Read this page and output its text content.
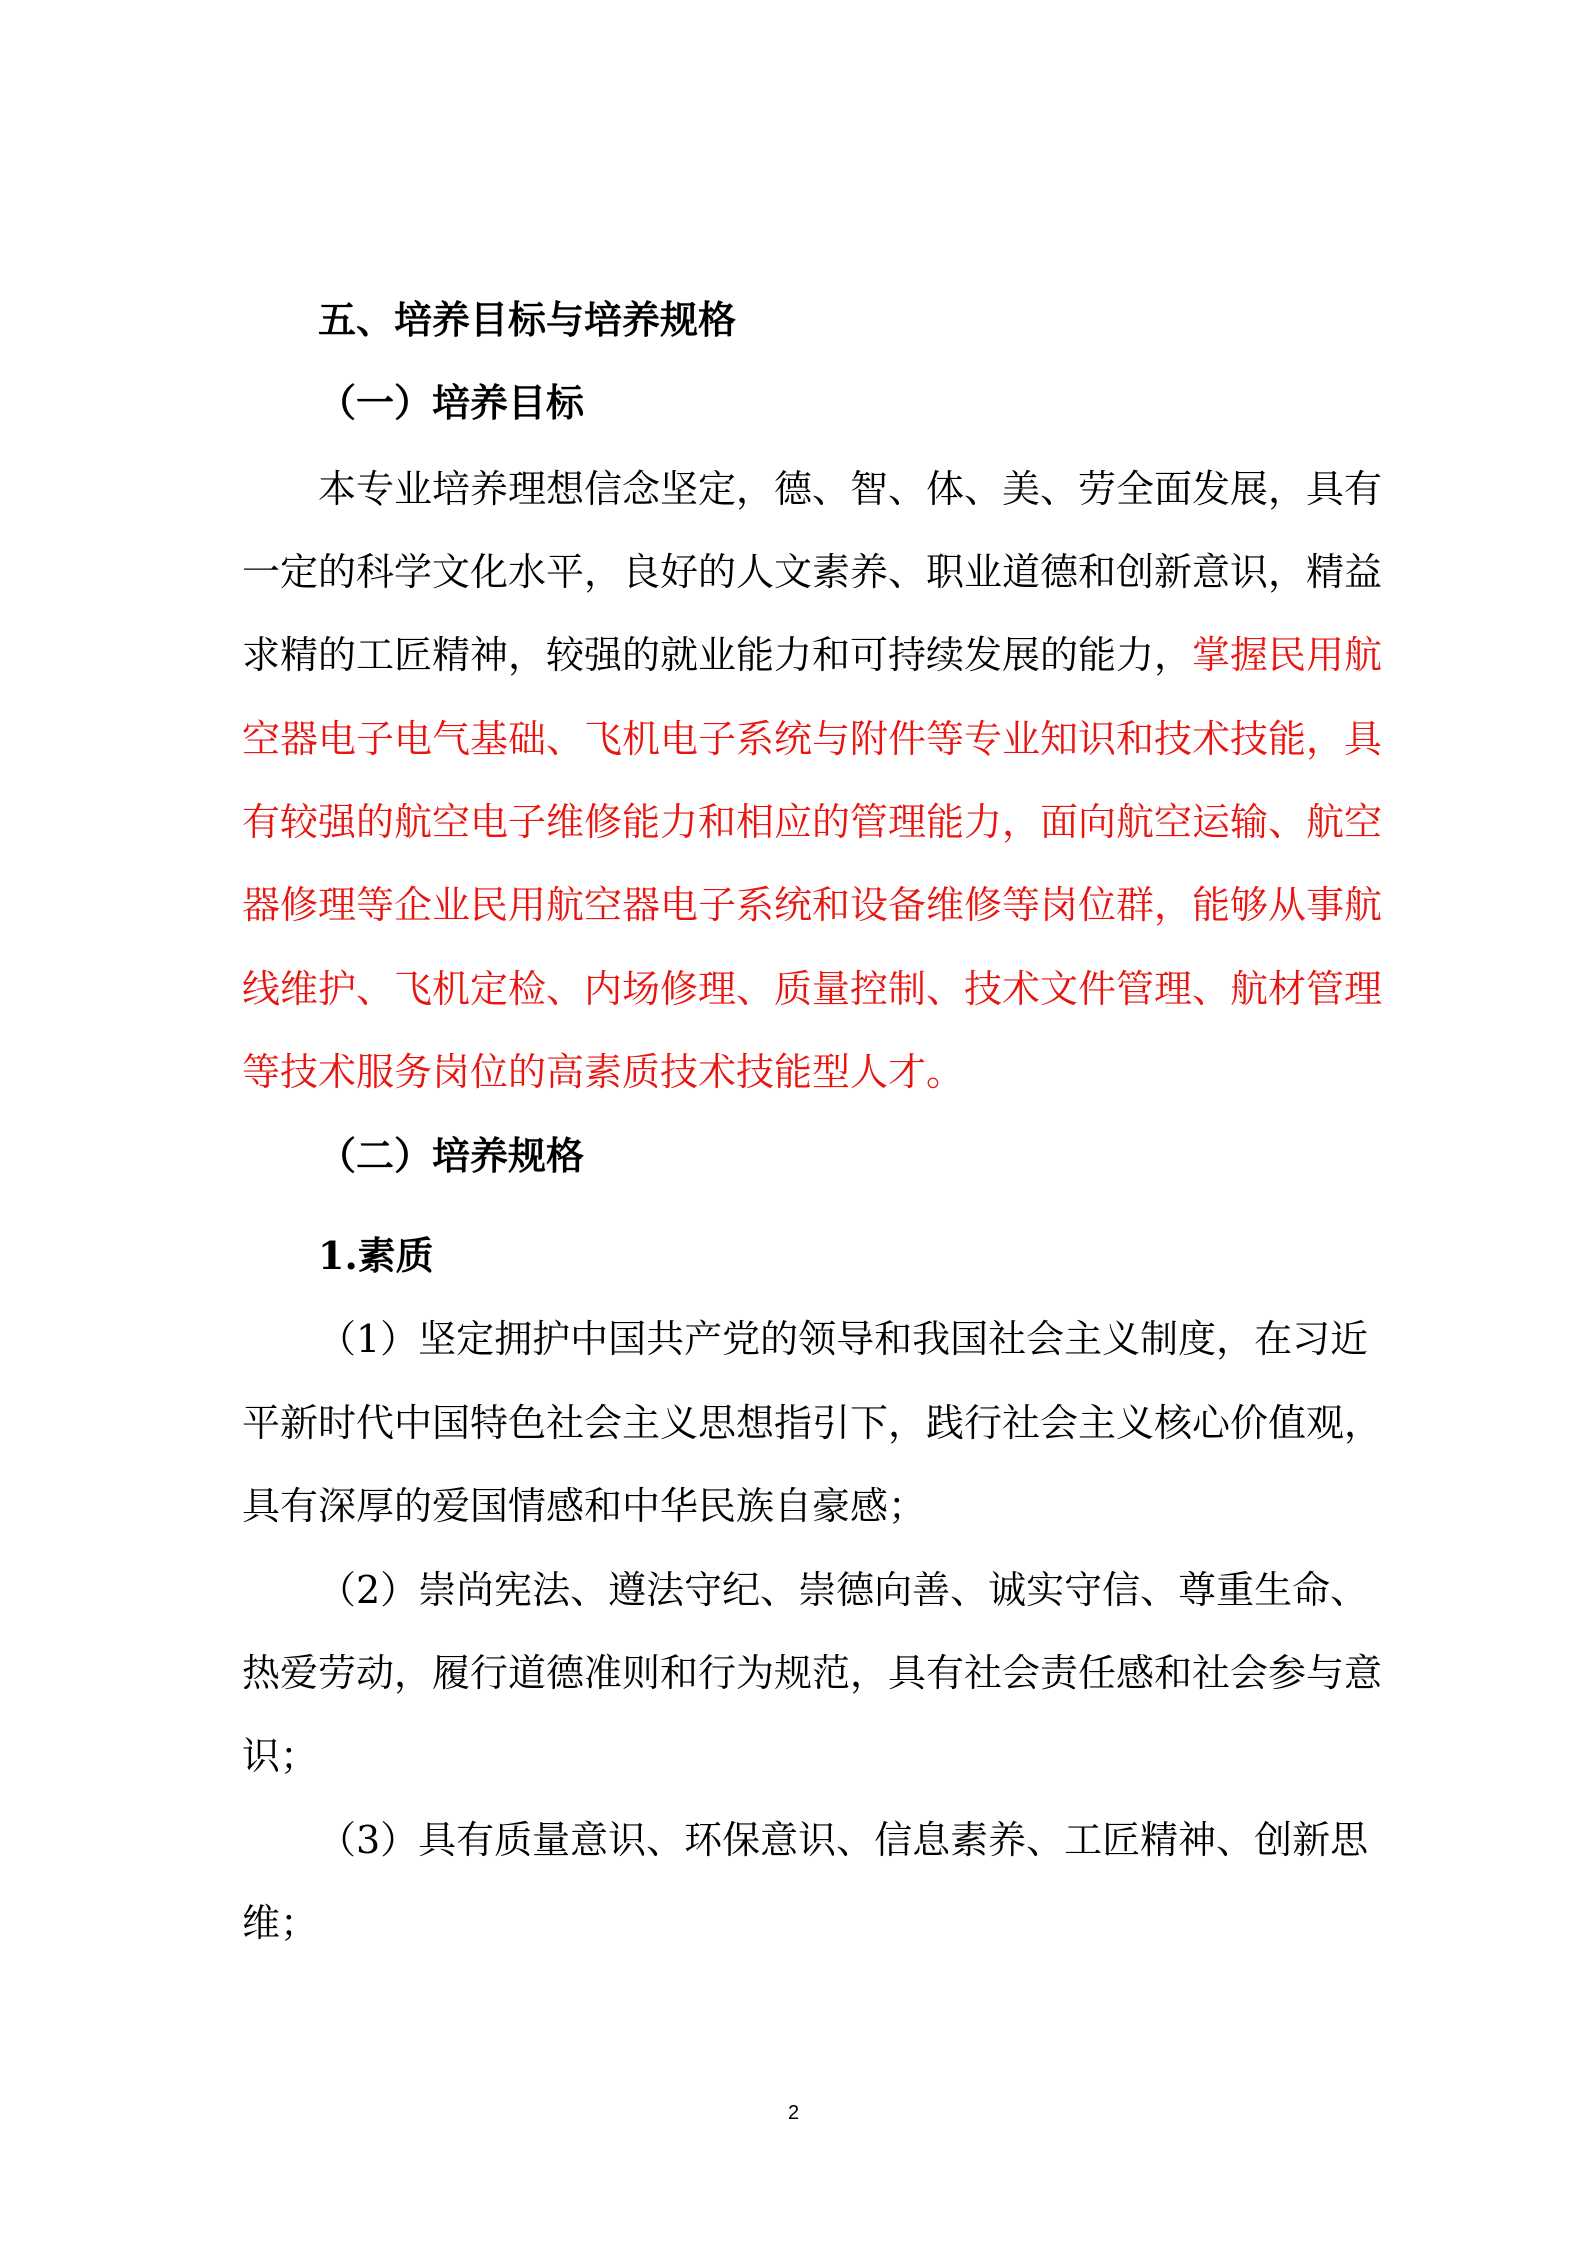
五、培养目标与培养规格
（一）培养目标
本专业培养理想信念坚定，德、智、体、美、劳全面发展，具有
一定的科学文化水平，良好的人文素养、职业道德和创新意识，精益
求精的工匠精神，较强的就业能力和可持续发展的能力，掌握民用航
空器电子电气基础、飞机电子系统与附件等专业知识和技术技能，具
有较强的航空电子维修能力和相应的管理能力，面向航空运输、航空
器修理等企业民用航空器电子系统和设备维修等岗位群，能够从事航
线维护、飞机定检、内场修理、质量控制、技术文件管理、航材管理
等技术服务岗位的高素质技术技能型人才。
（二）培养规格
1.素质
（1）坚定拥护中国共产党的领导和我国社会主义制度，在习近
平新时代中国特色社会主义思想指引下，践行社会主义核心价值观，
具有深厚的爱国情感和中华民族自豪感；
（2）崇尚宪法、遵法守纪、崇德向善、诚实守信、尊重生命、
热爱劳动，履行道德准则和行为规范，具有社会责任感和社会参与意
识；
（3）具有质量意识、环保意识、信息素养、工匠精神、创新思
维；
2
